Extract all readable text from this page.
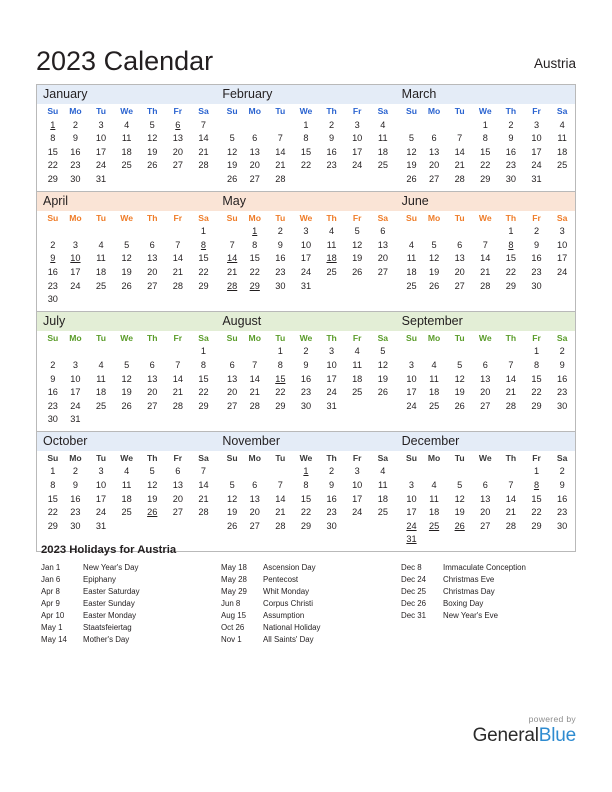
2023 Calendar	Austria
January
Su	Mo	Tu	We	Th	Fr	Sa
1	2	3	4	5	6	7
8	9	10	11	12	13	14
15	16	17	18	19	20	21
22	23	24	25	26	27	28
29	30	31				
February
Su	Mo	Tu	We	Th	Fr	Sa
			1	2	3	4
5	6	7	8	9	10	11
12	13	14	15	16	17	18
19	20	21	22	23	24	25
26	27	28				
March
Su	Mo	Tu	We	Th	Fr	Sa
			1	2	3	4
5	6	7	8	9	10	11
12	13	14	15	16	17	18
19	20	21	22	23	24	25
26	27	28	29	30	31	
April
Su	Mo	Tu	We	Th	Fr	Sa
						1
2	3	4	5	6	7	8
9	10	11	12	13	14	15
16	17	18	19	20	21	22
23	24	25	26	27	28	29
30						
May
Su	Mo	Tu	We	Th	Fr	Sa
	1	2	3	4	5	6
7	8	9	10	11	12	13
14	15	16	17	18	19	20
21	22	23	24	25	26	27
28	29	30	31			
June
Su	Mo	Tu	We	Th	Fr	Sa
				1	2	3
4	5	6	7	8	9	10
11	12	13	14	15	16	17
18	19	20	21	22	23	24
25	26	27	28	29	30	
July
Su	Mo	Tu	We	Th	Fr	Sa
						1
2	3	4	5	6	7	8
9	10	11	12	13	14	15
16	17	18	19	20	21	22
23	24	25	26	27	28	29
30	31					
August
Su	Mo	Tu	We	Th	Fr	Sa
		1	2	3	4	5
6	7	8	9	10	11	12
13	14	15	16	17	18	19
20	21	22	23	24	25	26
27	28	29	30	31		
September
Su	Mo	Tu	We	Th	Fr	Sa
					1	2
3	4	5	6	7	8	9
10	11	12	13	14	15	16
17	18	19	20	21	22	23
24	25	26	27	28	29	30
October
Su	Mo	Tu	We	Th	Fr	Sa
1	2	3	4	5	6	7
8	9	10	11	12	13	14
15	16	17	18	19	20	21
22	23	24	25	26	27	28
29	30	31				
November
Su	Mo	Tu	We	Th	Fr	Sa
			1	2	3	4
5	6	7	8	9	10	11
12	13	14	15	16	17	18
19	20	21	22	23	24	25
26	27	28	29	30		
December
Su	Mo	Tu	We	Th	Fr	Sa
					1	2
3	4	5	6	7	8	9
10	11	12	13	14	15	16
17	18	19	20	21	22	23
24	25	26	27	28	29	30
31						
2023 Holidays for Austria
Jan 1	New Year's Day
Jan 6	Epiphany
Apr 8	Easter Saturday
Apr 9	Easter Sunday
Apr 10	Easter Monday
May 1	Staatsfeiertag
May 14	Mother's Day
May 18	Ascension Day
May 28	Pentecost
May 29	Whit Monday
Jun 8	Corpus Christi
Aug 15	Assumption
Oct 26	National Holiday
Nov 1	All Saints' Day
Dec 8	Immaculate Conception
Dec 24	Christmas Eve
Dec 25	Christmas Day
Dec 26	Boxing Day
Dec 31	New Year's Eve
powered by
GeneralBlue
